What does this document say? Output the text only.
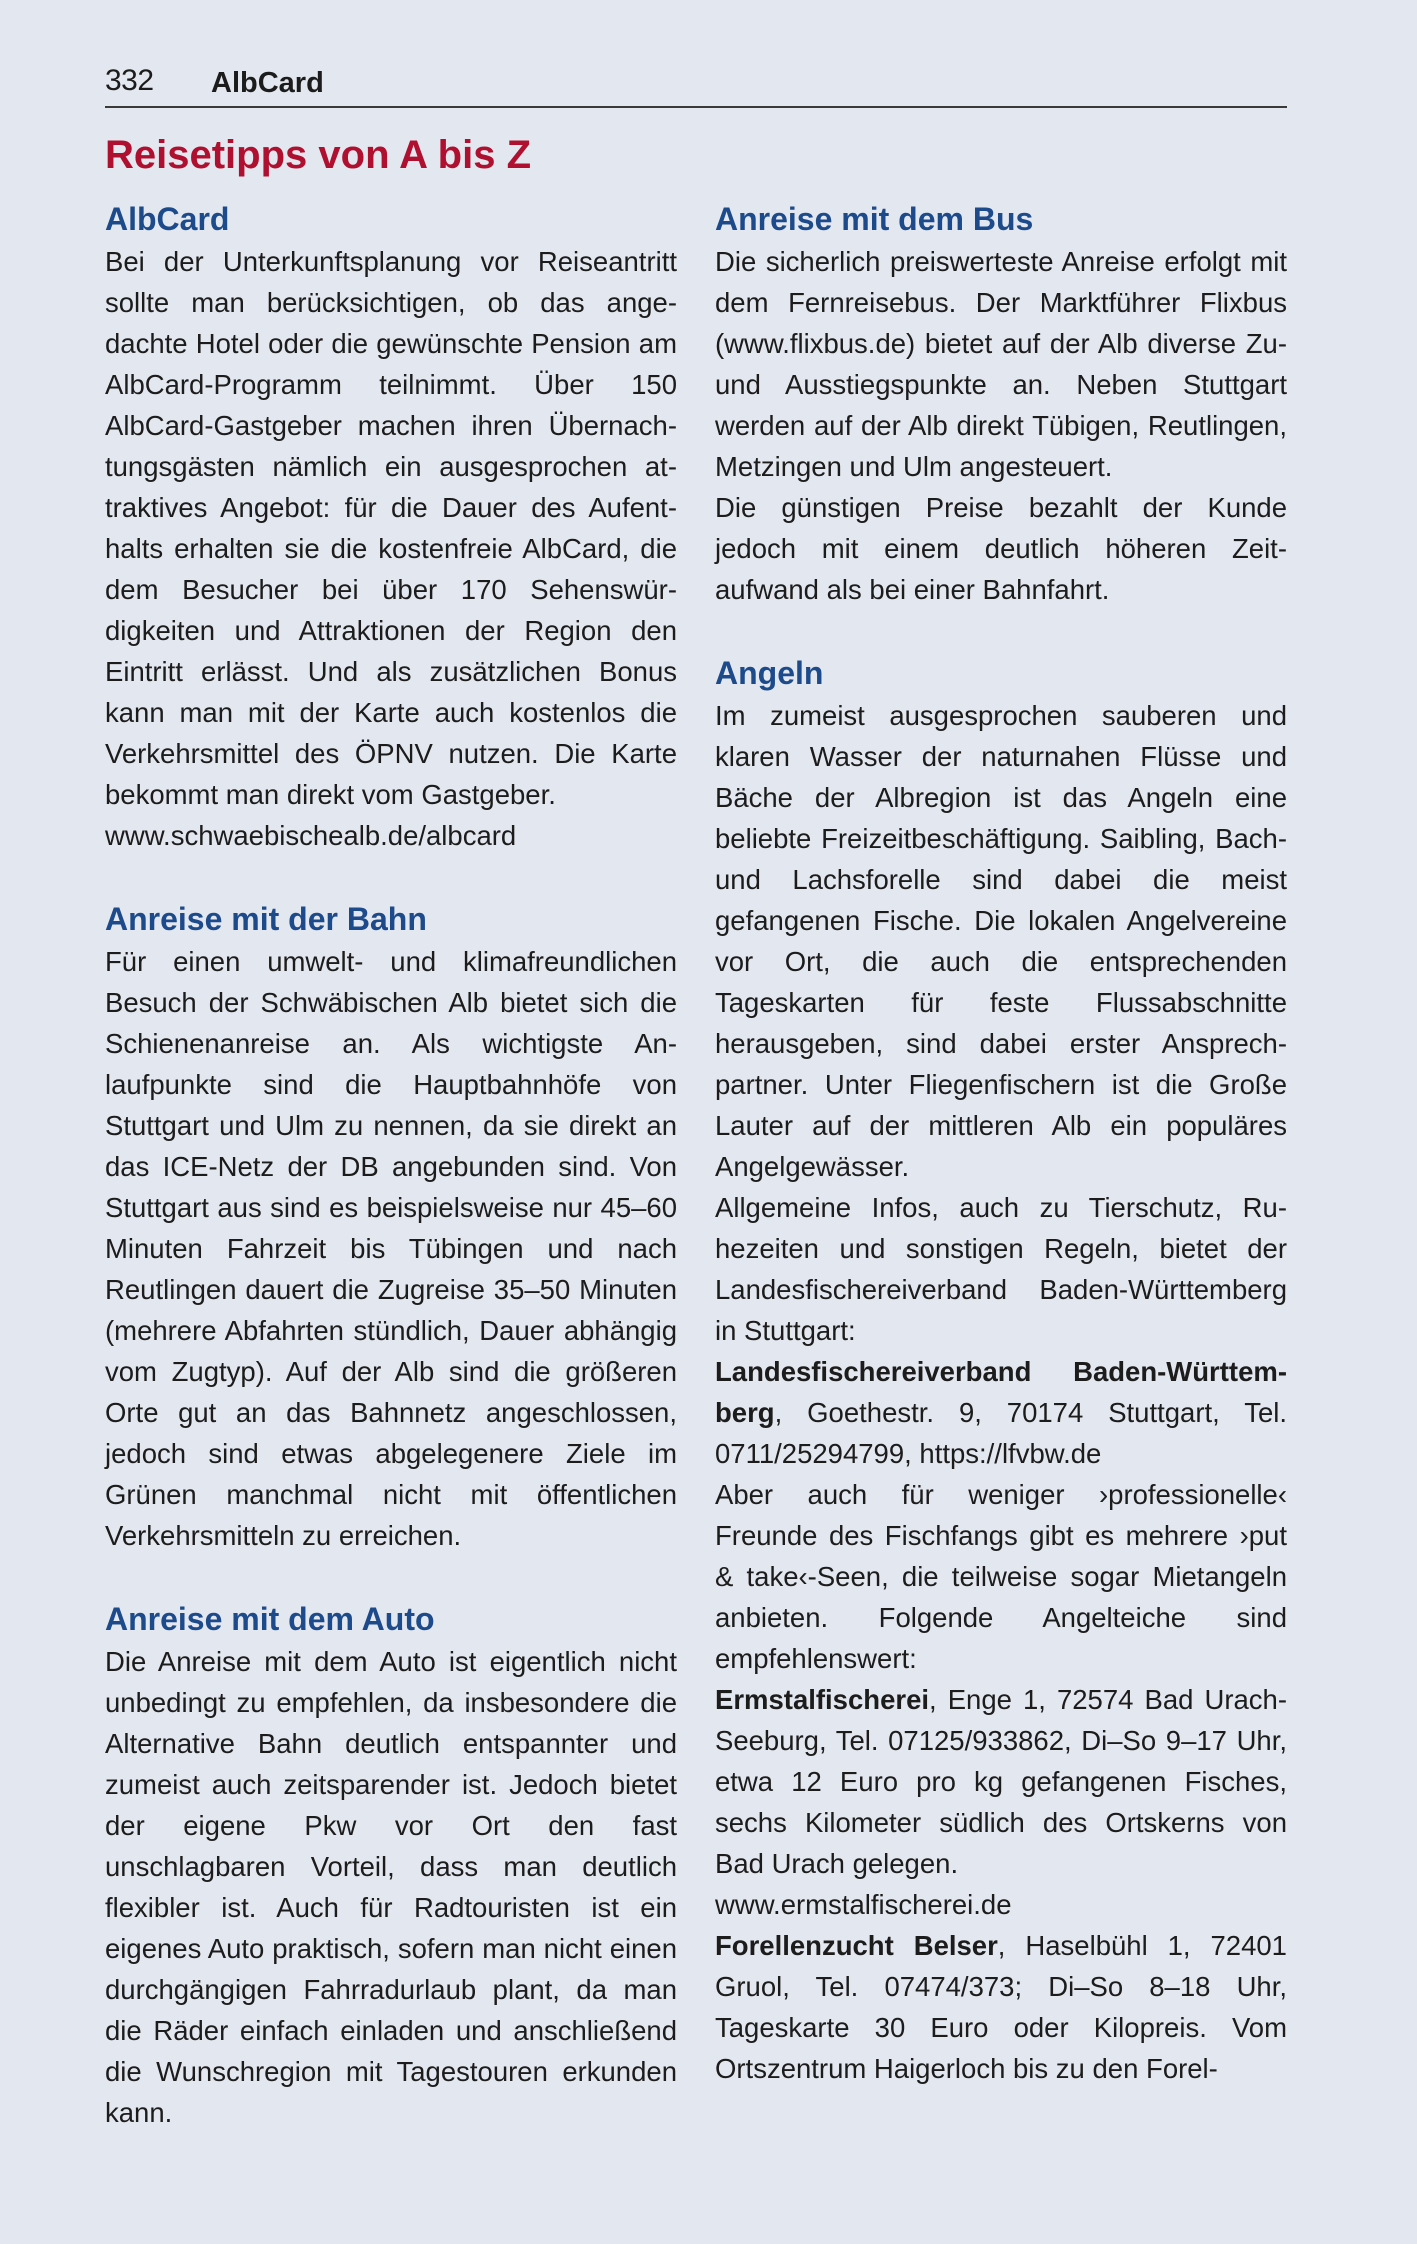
332 AlbCard
Reisetipps von A bis Z
AlbCard

Bei der Unterkunftsplanung vor Reiseantritt sollte man berücksichtigen, ob das angedachte Hotel oder die gewünschte Pension am AlbCard-Programm teilnimmt. Über 150 AlbCard-Gastgeber machen ihren Übernachtungsgästen nämlich ein ausgesprochen attraktives Angebot: für die Dauer des Aufenthalts erhalten sie die kostenfreie AlbCard, die dem Besucher bei über 170 Sehenswürdigkeiten und Attraktionen der Region den Eintritt erlässt. Und als zusätzlichen Bonus kann man mit der Karte auch kostenlos die Verkehrsmittel des ÖPNV nutzen. Die Karte bekommt man direkt vom Gastgeber.

www.schwaebischealb.de/albcard

Anreise mit der Bahn

Für einen umwelt- und klimafreundlichen Besuch der Schwäbischen Alb bietet sich die Schienenanreise an. Als wichtigste Anlaufpunkte sind die Hauptbahnhöfe von Stuttgart und Ulm zu nennen, da sie direkt an das ICE-Netz der DB angebunden sind. Von Stuttgart aus sind es beispielsweise nur 45–60 Minuten Fahrzeit bis Tübingen und nach Reutlingen dauert die Zugreise 35–50 Minuten (mehrere Abfahrten stündlich, Dauer abhängig vom Zugtyp). Auf der Alb sind die größeren Orte gut an das Bahnnetz angeschlossen, jedoch sind etwas abgelegenere Ziele im Grünen manchmal nicht mit öffentlichen Verkehrsmitteln zu erreichen.

Anreise mit dem Auto

Die Anreise mit dem Auto ist eigentlich nicht unbedingt zu empfehlen, da insbesondere die Alternative Bahn deutlich entspannter und zumeist auch zeitsparender ist. Jedoch bietet der eigene Pkw vor Ort den fast unschlagbaren Vorteil, dass man deutlich flexibler ist. Auch für Radtouristen ist ein eigenes Auto praktisch, sofern man nicht einen durchgängigen Fahrradurlaub plant, da man die Räder einfach einladen und anschließend die Wunschregion mit Tagestouren erkunden kann.

Anreise mit dem Bus

Die sicherlich preiswerteste Anreise erfolgt mit dem Fernreisebus. Der Marktführer Flixbus (www.flixbus.de) bietet auf der Alb diverse Zu- und Ausstiegspunkte an. Neben Stuttgart werden auf der Alb direkt Tübigen, Reutlingen, Metzingen und Ulm angesteuert.

Die günstigen Preise bezahlt der Kunde jedoch mit einem deutlich höheren Zeitaufwand als bei einer Bahnfahrt.

Angeln

Im zumeist ausgesprochen sauberen und klaren Wasser der naturnahen Flüsse und Bäche der Albregion ist das Angeln eine beliebte Freizeitbeschäftigung. Saibling, Bach- und Lachsforelle sind dabei die meist gefangenen Fische. Die lokalen Angelvereine vor Ort, die auch die entsprechenden Tageskarten für feste Flussabschnitte herausgeben, sind dabei erster Ansprechpartner. Unter Fliegenfischern ist die Große Lauter auf der mittleren Alb ein populäres Angelgewässer.

Allgemeine Infos, auch zu Tierschutz, Ruhezeiten und sonstigen Regeln, bietet der Landesfischereiverband Baden-Württemberg in Stuttgart:

Landesfischereiverband Baden-Württemberg, Goethestr. 9, 70174 Stuttgart, Tel. 0711/25294799, https://lfvbw.de

Aber auch für weniger ›professionelle‹ Freunde des Fischfangs gibt es mehrere ›put & take‹-Seen, die teilweise sogar Mietangeln anbieten. Folgende Angelteiche sind empfehlenswert:

Ermstalfischerei, Enge 1, 72574 Bad Urach-Seeburg, Tel. 07125/933862, Di–So 9–17 Uhr, etwa 12 Euro pro kg gefangenen Fisches, sechs Kilometer südlich des Ortskerns von Bad Urach gelegen.

www.ermstalfischerei.de

Forellenzucht Belser, Haselbühl 1, 72401 Gruol, Tel. 07474/373; Di–So 8–18 Uhr, Tageskarte 30 Euro oder Kilopreis. Vom Ortszentrum Haigerloch bis zu den Forel-
